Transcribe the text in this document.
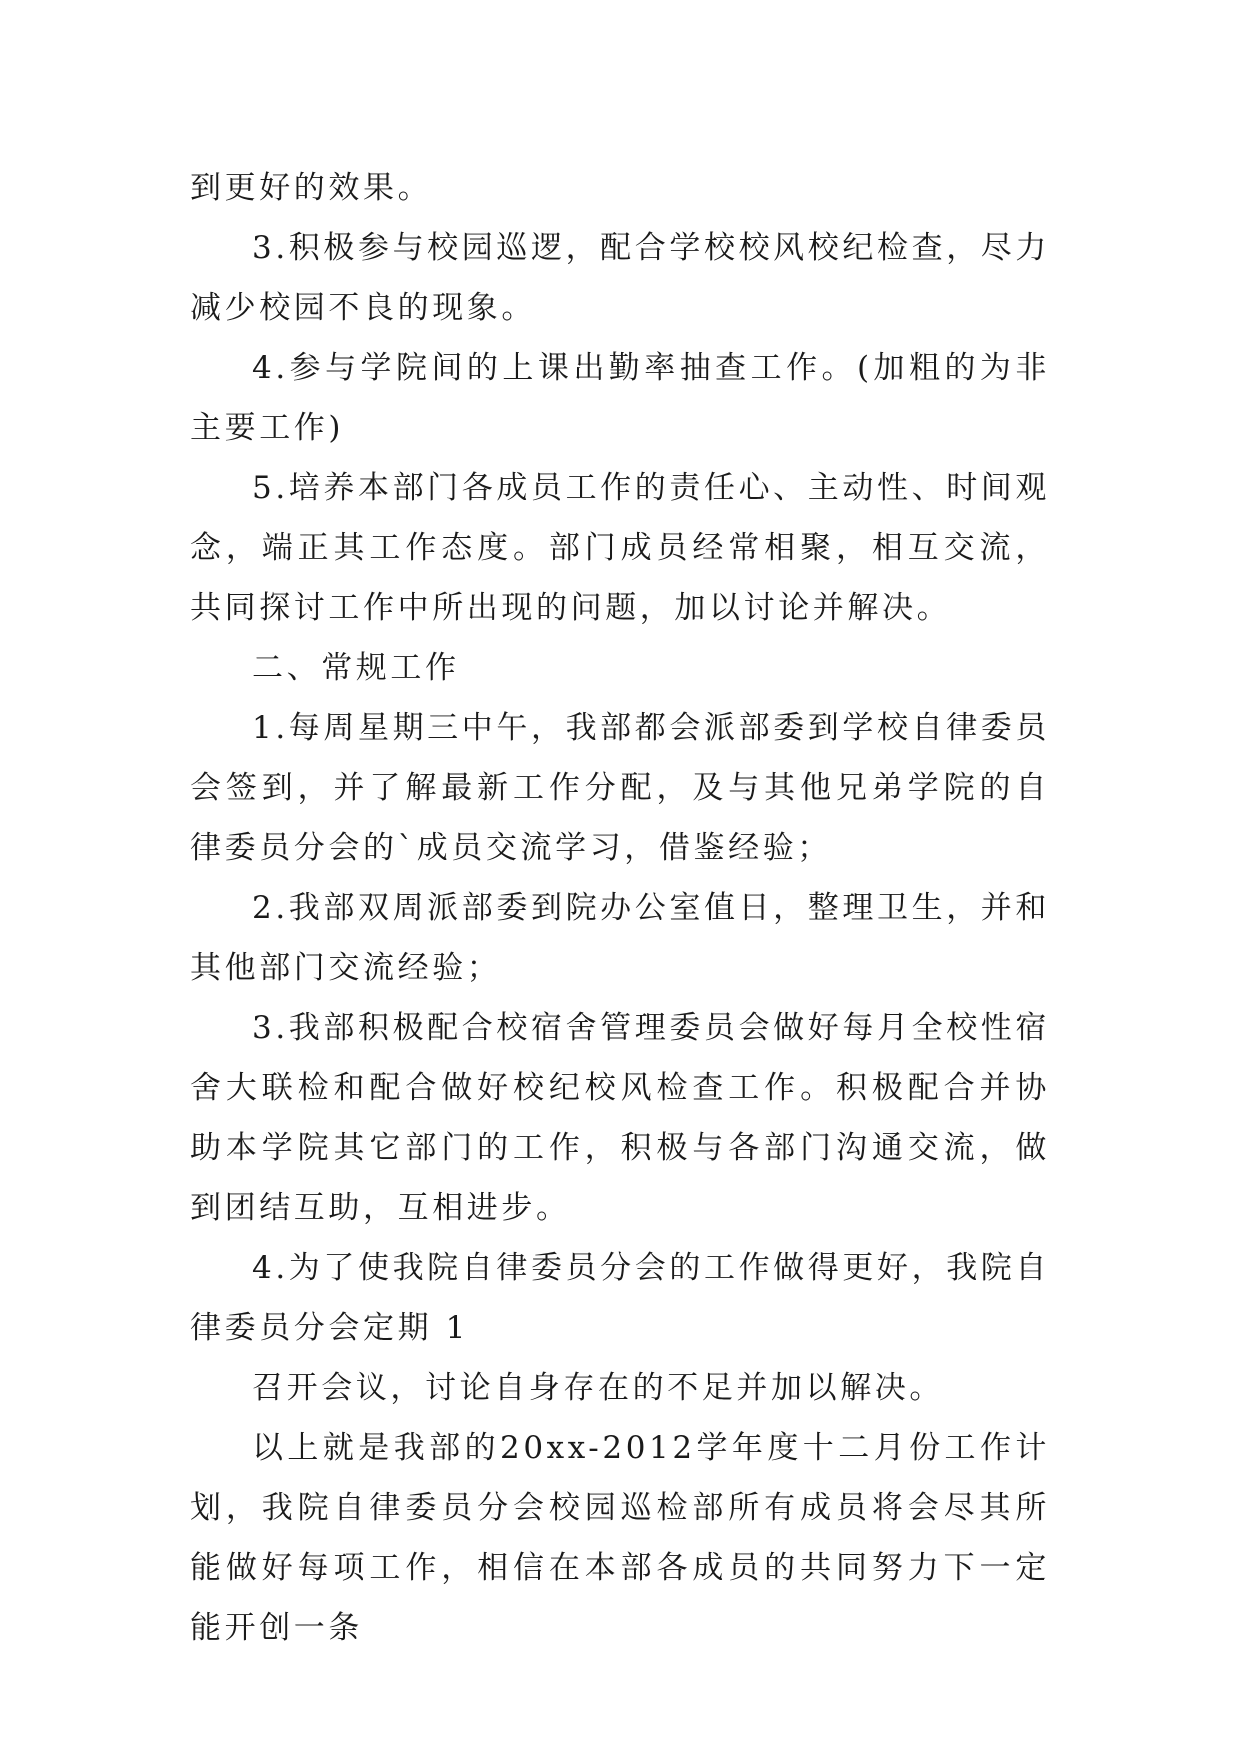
到更好的效果。

3.积极参与校园巡逻，配合学校校风校纪检查，尽力减少校园不良的现象。

4.参与学院间的上课出勤率抽查工作。(加粗的为非主要工作)

5.培养本部门各成员工作的责任心、主动性、时间观念，端正其工作态度。部门成员经常相聚，相互交流，共同探讨工作中所出现的问题，加以讨论并解决。

二、常规工作

1.每周星期三中午，我部都会派部委到学校自律委员会签到，并了解最新工作分配，及与其他兄弟学院的自律委员分会的`成员交流学习，借鉴经验；

2.我部双周派部委到院办公室值日，整理卫生，并和其他部门交流经验；

3.我部积极配合校宿舍管理委员会做好每月全校性宿舍大联检和配合做好校纪校风检查工作。积极配合并协助本学院其它部门的工作，积极与各部门沟通交流，做到团结互助，互相进步。

4.为了使我院自律委员分会的工作做得更好，我院自律委员分会定期 1

召开会议，讨论自身存在的不足并加以解决。

以上就是我部的20xx-2012学年度十二月份工作计划，我院自律委员分会校园巡检部所有成员将会尽其所能做好每项工作，相信在本部各成员的共同努力下一定能开创一条
